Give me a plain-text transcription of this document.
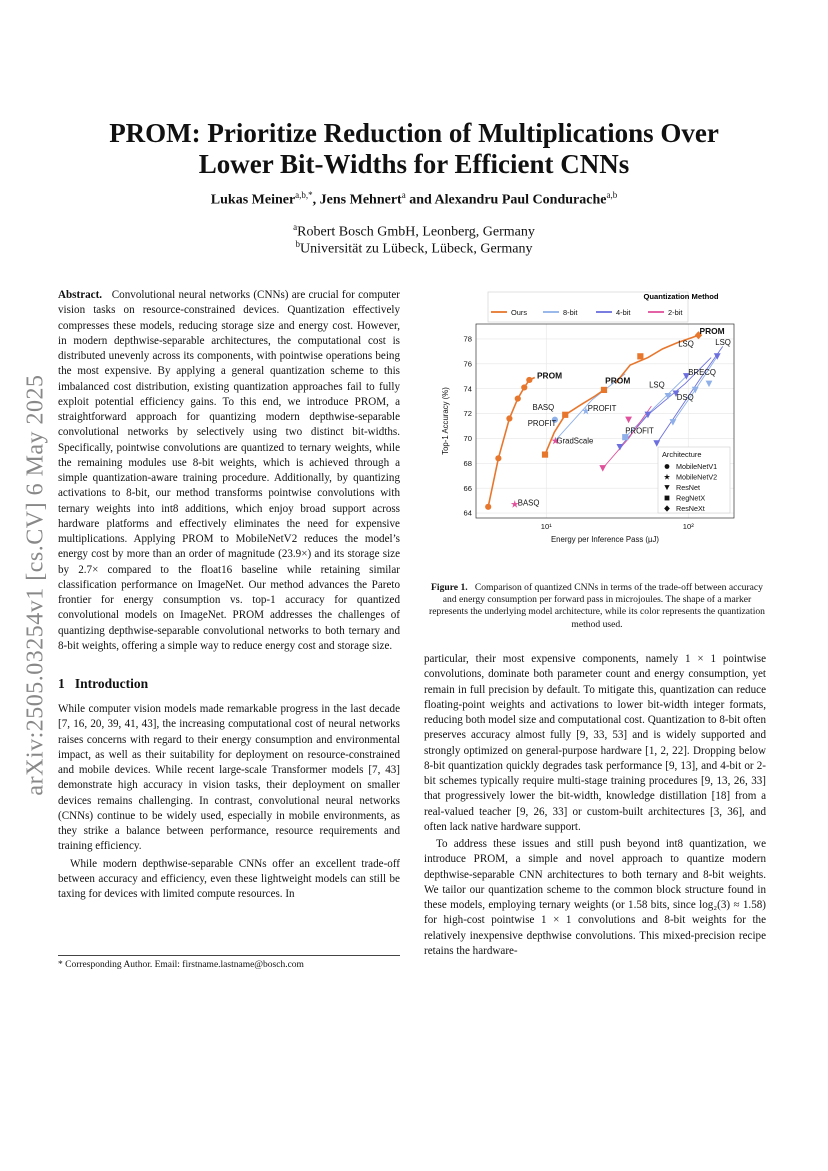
arXiv:2505.03254v1 [cs.CV] 6 May 2025
PROM: Prioritize Reduction of Multiplications Over
Lower Bit-Widths for Efficient CNNs
Lukas Meiner$^{a,b,*}$, Jens Mehnert$^a$ and Alexandru Paul Condurache$^{a,b}$
$^a$Robert Bosch GmbH, Leonberg, Germany
$^b$Universität zu Lübeck, Lübeck, Germany

Abstract. Convolutional neural networks (CNNs) are crucial for computer vision tasks on resource-constrained devices. Quantization effectively compresses these models, reducing storage size and energy cost. However, in modern depthwise-separable architectures, the computational cost is distributed unevenly across its components, with pointwise operations being the most expensive. By applying a general quantization scheme to this imbalanced cost distribution, existing quantization approaches fail to fully exploit potential efficiency gains. To this end, we introduce PROM, a straightforward approach for quantizing modern depthwise-separable convolutional networks by selectively using two distinct bit-widths. Specifically, pointwise convolutions are quantized to ternary weights, while the remaining modules use 8-bit weights, which is achieved through a simple quantization-aware training procedure. Additionally, by quantizing activations to 8-bit, our method transforms pointwise convolutions with ternary weights into int8 additions, which enjoy broad support across hardware platforms and effectively eliminates the need for expensive multiplications. Applying PROM to MobileNetV2 reduces the model’s energy cost by more than an order of magnitude (23.9×) and its storage size by 2.7× compared to the float16 baseline while retaining similar classification performance on ImageNet. Our method advances the Pareto frontier for energy consumption vs. top-1 accuracy for quantized convolutional models on ImageNet. PROM addresses the challenges of quantizing depthwise-separable convolutional networks to both ternary and 8-bit weights, offering a simple way to reduce energy cost and storage size.

1 Introduction

While computer vision models made remarkable progress in the last decade [7, 16, 20, 39, 41, 43], the increasing computational cost of neural networks raises concerns with regard to their energy consumption and environmental impact, as well as their suitability for deployment on resource-constrained and mobile devices. While recent large-scale Transformer models [7, 43] demonstrate high accuracy in vision tasks, their deployment on smaller devices remains challenging. In contrast, convolutional neural networks (CNNs) continue to be widely used, especially in mobile environments, as they strike a balance between performance, resource requirements and training efficiency.

While modern depthwise-separable CNNs offer an excellent trade-off between accuracy and efficiency, even these lightweight models can still be taxing for devices with limited compute resources. In

* Corresponding Author. Email: firstname.lastname@bosch.com
Ours	8-bit	4-bit	2-bit
64
66
68
70
72
74
76
78
10¹	10²
Energy per Inference Pass (µJ)
Top-1 Accuracy (%)
PROM	PROM
PROM
BASQ
BASQ
PROFIT
PROFIT
PROFIT
GradScale
LSQ
LSQ	LSQ
BRECQ
DSQ
Architecture
MobileNetV1
MobileNetV2
ResNet
RegNetX
ResNeXt
Quantization Method
Figure 1. Comparison of quantized CNNs in terms of the trade-off between accuracy and energy consumption per forward pass in microjoules. The shape of a marker represents the underlying model architecture, while its color represents the quantization method used.

particular, their most expensive components, namely 1 × 1 pointwise convolutions, dominate both parameter count and energy consumption, yet remain in full precision by default. To mitigate this, quantization can reduce floating-point weights and activations to lower bit-width integer formats, reducing both model size and computational cost. Quantization to 8-bit often preserves accuracy almost fully [9, 33, 53] and is widely supported and strongly optimized on general-purpose hardware [1, 2, 22]. Dropping below 8-bit quantization quickly degrades task performance [9, 13], and 4-bit or 2-bit schemes typically require multi-stage training procedures [9, 13, 26, 33] that progressively lower the bit-width, knowledge distillation [18] from a real-valued teacher [9, 26, 33] or custom-built architectures [3, 36], and often lack native hardware support.

To address these issues and still push beyond int8 quantization, we introduce PROM, a simple and novel approach to quantize modern depthwise-separable CNN architectures to both ternary and 8-bit weights. We tailor our quantization scheme to the common block structure found in these models, employing ternary weights (or 1.58 bits, since log₂(3) ≈ 1.58) for high-cost pointwise 1 × 1 convolutions and 8-bit weights for the relatively inexpensive depthwise convolutions. This mixed-precision recipe retains the hardware-
